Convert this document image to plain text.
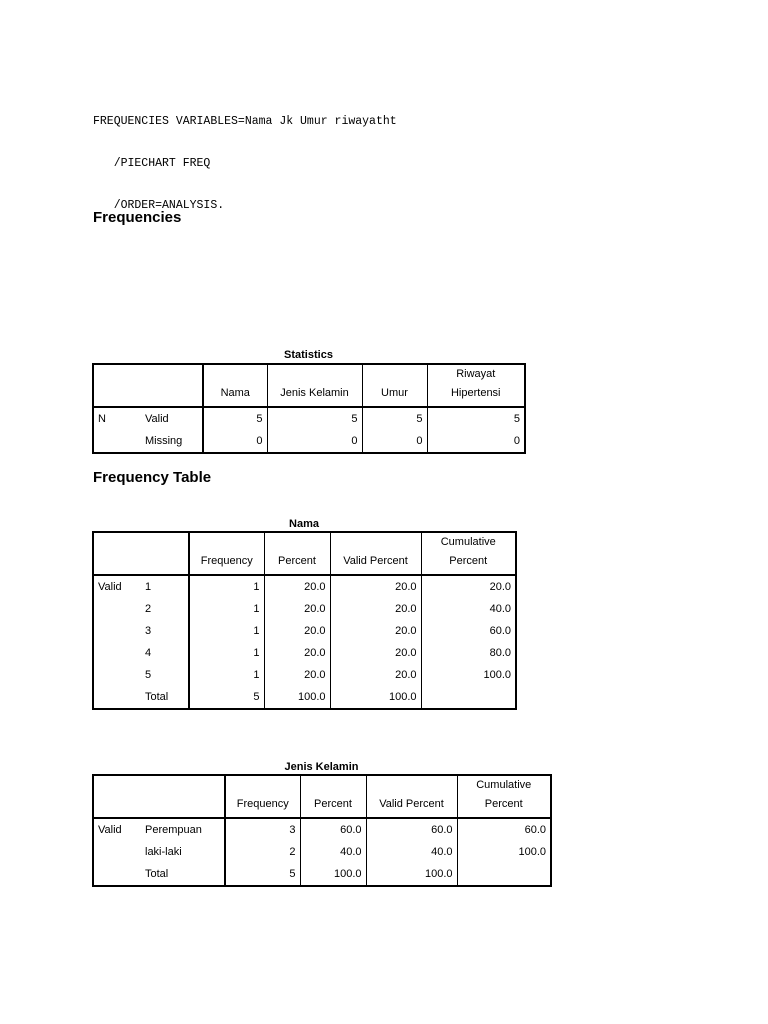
FREQUENCIES VARIABLES=Nama Jk Umur riwayatht

/PIECHART FREQ

/ORDER=ANALYSIS.

Frequencies
Statistics
		Nama	Jenis Kelamin	Umur	Riwayat
Hipertensi
N	Valid	5	5	5	5
	Missing	0	0	0	0
Frequency Table
Nama
		Frequency	Percent	Valid Percent	Cumulative
Percent
Valid	1	1	20.0	20.0	20.0
	2	1	20.0	20.0	40.0
	3	1	20.0	20.0	60.0
	4	1	20.0	20.0	80.0
	5	1	20.0	20.0	100.0
	Total	5	100.0	100.0	
Jenis Kelamin
		Frequency	Percent	Valid Percent	Cumulative
Percent
Valid	Perempuan	3	60.0	60.0	60.0
	laki-laki	2	40.0	40.0	100.0
	Total	5	100.0	100.0	
